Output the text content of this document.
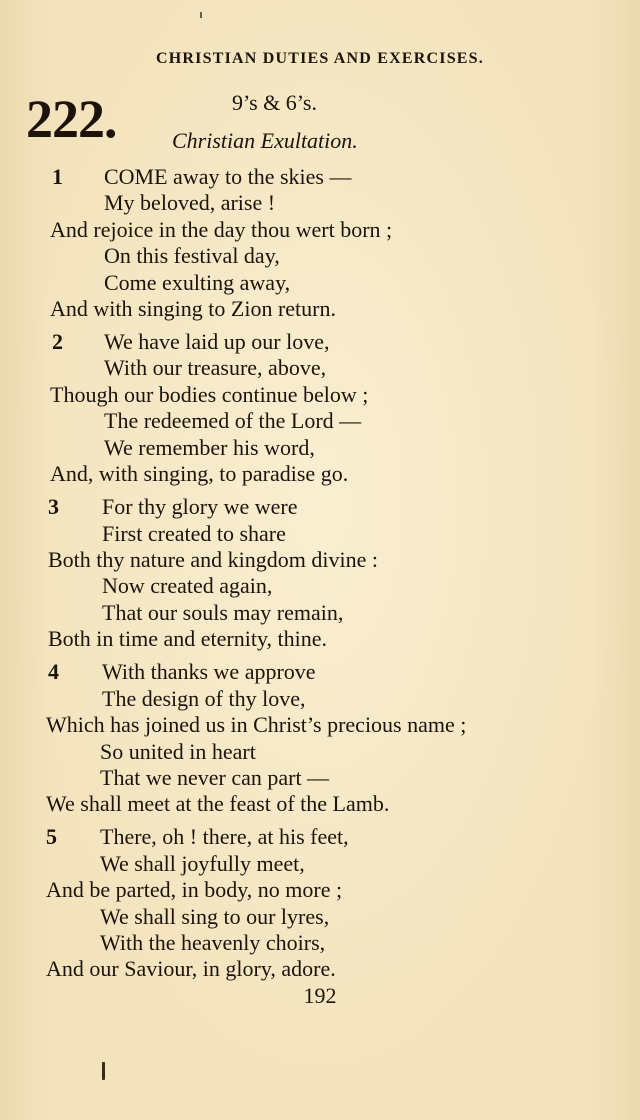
CHRISTIAN DUTIES AND EXERCISES.
222.	9’s & 6’s.
Christian Exultation.
1 COME away to the skies —
My beloved, arise !
And rejoice in the day thou wert born ;
On this festival day,
Come exulting away,
And with singing to Zion return.
2 We have laid up our love,
With our treasure, above,
Though our bodies continue below ;
The redeemed of the Lord —
We remember his word,
And, with singing, to paradise go.
3 For thy glory we were
First created to share
Both thy nature and kingdom divine :
Now created again,
That our souls may remain,
Both in time and eternity, thine.
4 With thanks we approve
The design of thy love,
Which has joined us in Christ’s precious name ;
So united in heart
That we never can part —
We shall meet at the feast of the Lamb.
5 There, oh ! there, at his feet,
We shall joyfully meet,
And be parted, in body, no more ;
We shall sing to our lyres,
With the heavenly choirs,
And our Saviour, in glory, adore.
192
